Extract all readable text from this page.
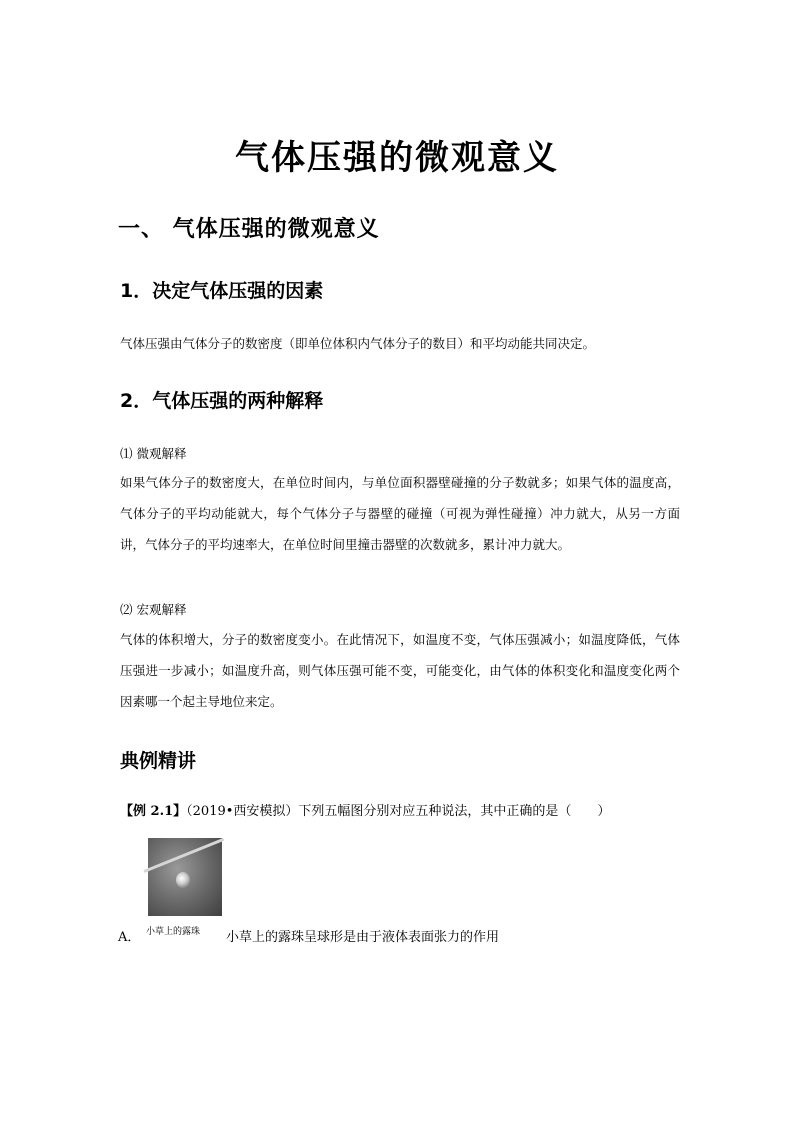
气体压强的微观意义
一、 气体压强的微观意义
1．决定气体压强的因素
气体压强由气体分子的数密度（即单位体积内气体分子的数目）和平均动能共同决定。
2．气体压强的两种解释
⑴ 微观解释
如果气体分子的数密度大，在单位时间内，与单位面积器壁碰撞的分子数就多；如果气体的温度高，气体分子的平均动能就大，每个气体分子与器壁的碰撞（可视为弹性碰撞）冲力就大，从另一方面讲，气体分子的平均速率大，在单位时间里撞击器壁的次数就多，累计冲力就大。
⑵ 宏观解释
气体的体积增大，分子的数密度变小。在此情况下，如温度不变，气体压强减小；如温度降低，气体压强进一步减小；如温度升高，则气体压强可能不变，可能变化，由气体的体积变化和温度变化两个因素哪一个起主导地位来定。
典例精讲
【例 2.1】（2019•西安模拟）下列五幅图分别对应五种说法，其中正确的是（　　）
A． 小草上的露珠 小草上的露珠呈球形是由于液体表面张力的作用
